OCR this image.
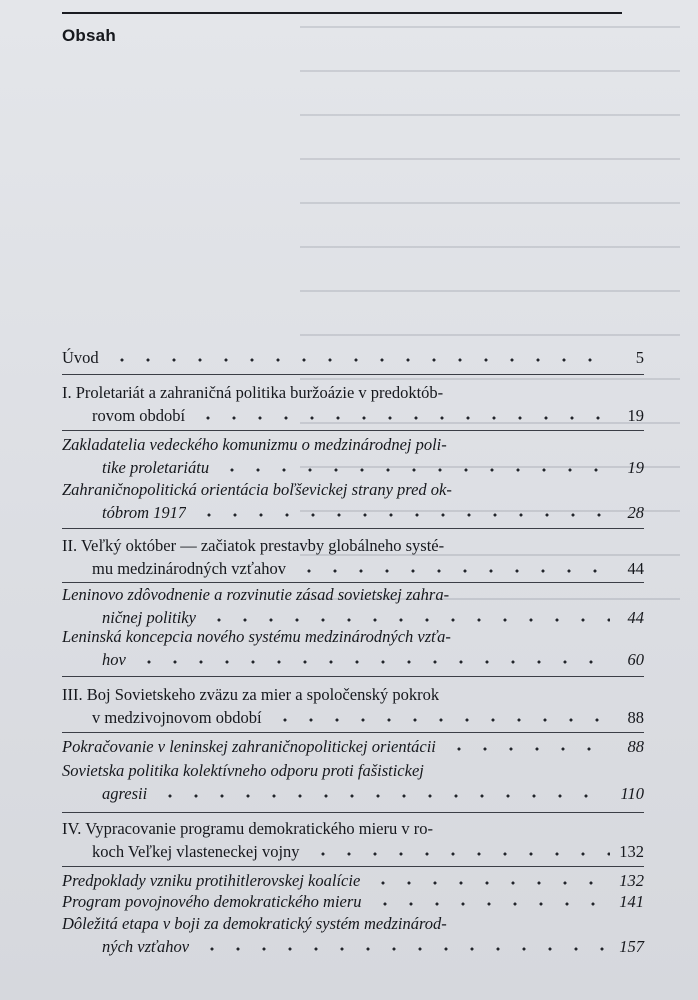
Obsah
Úvod	5
I. Proletariát a zahraničná politika buržoázie v predoktób-
rovom období	19
Zakladatelia vedeckého komunizmu o medzinárodnej poli-
tike proletariátu	19
Zahraničnopolitická orientácia boľševickej strany pred ok-
tóbrom 1917	28
II. Veľký október — začiatok prestavby globálneho systé-
mu medzinárodných vzťahov	44
Leninovo zdôvodnenie a rozvinutie zásad sovietskej zahra-
ničnej politiky	44
Leninská koncepcia nového systému medzinárodných vzťa-
hov	60
III. Boj Sovietskeho zväzu za mier a spoločenský pokrok
v medzivojnovom období	88
Pokračovanie v leninskej zahraničnopolitickej orientácii	88
Sovietska politika kolektívneho odporu proti fašistickej
agresii	110
IV. Vypracovanie programu demokratického mieru v ro-
koch Veľkej vlasteneckej vojny	132
Predpoklady vzniku protihitlerovskej koalície	132
Program povojnového demokratického mieru	141
Dôležitá etapa v boji za demokratický systém medzinárod-
ných vzťahov	157
